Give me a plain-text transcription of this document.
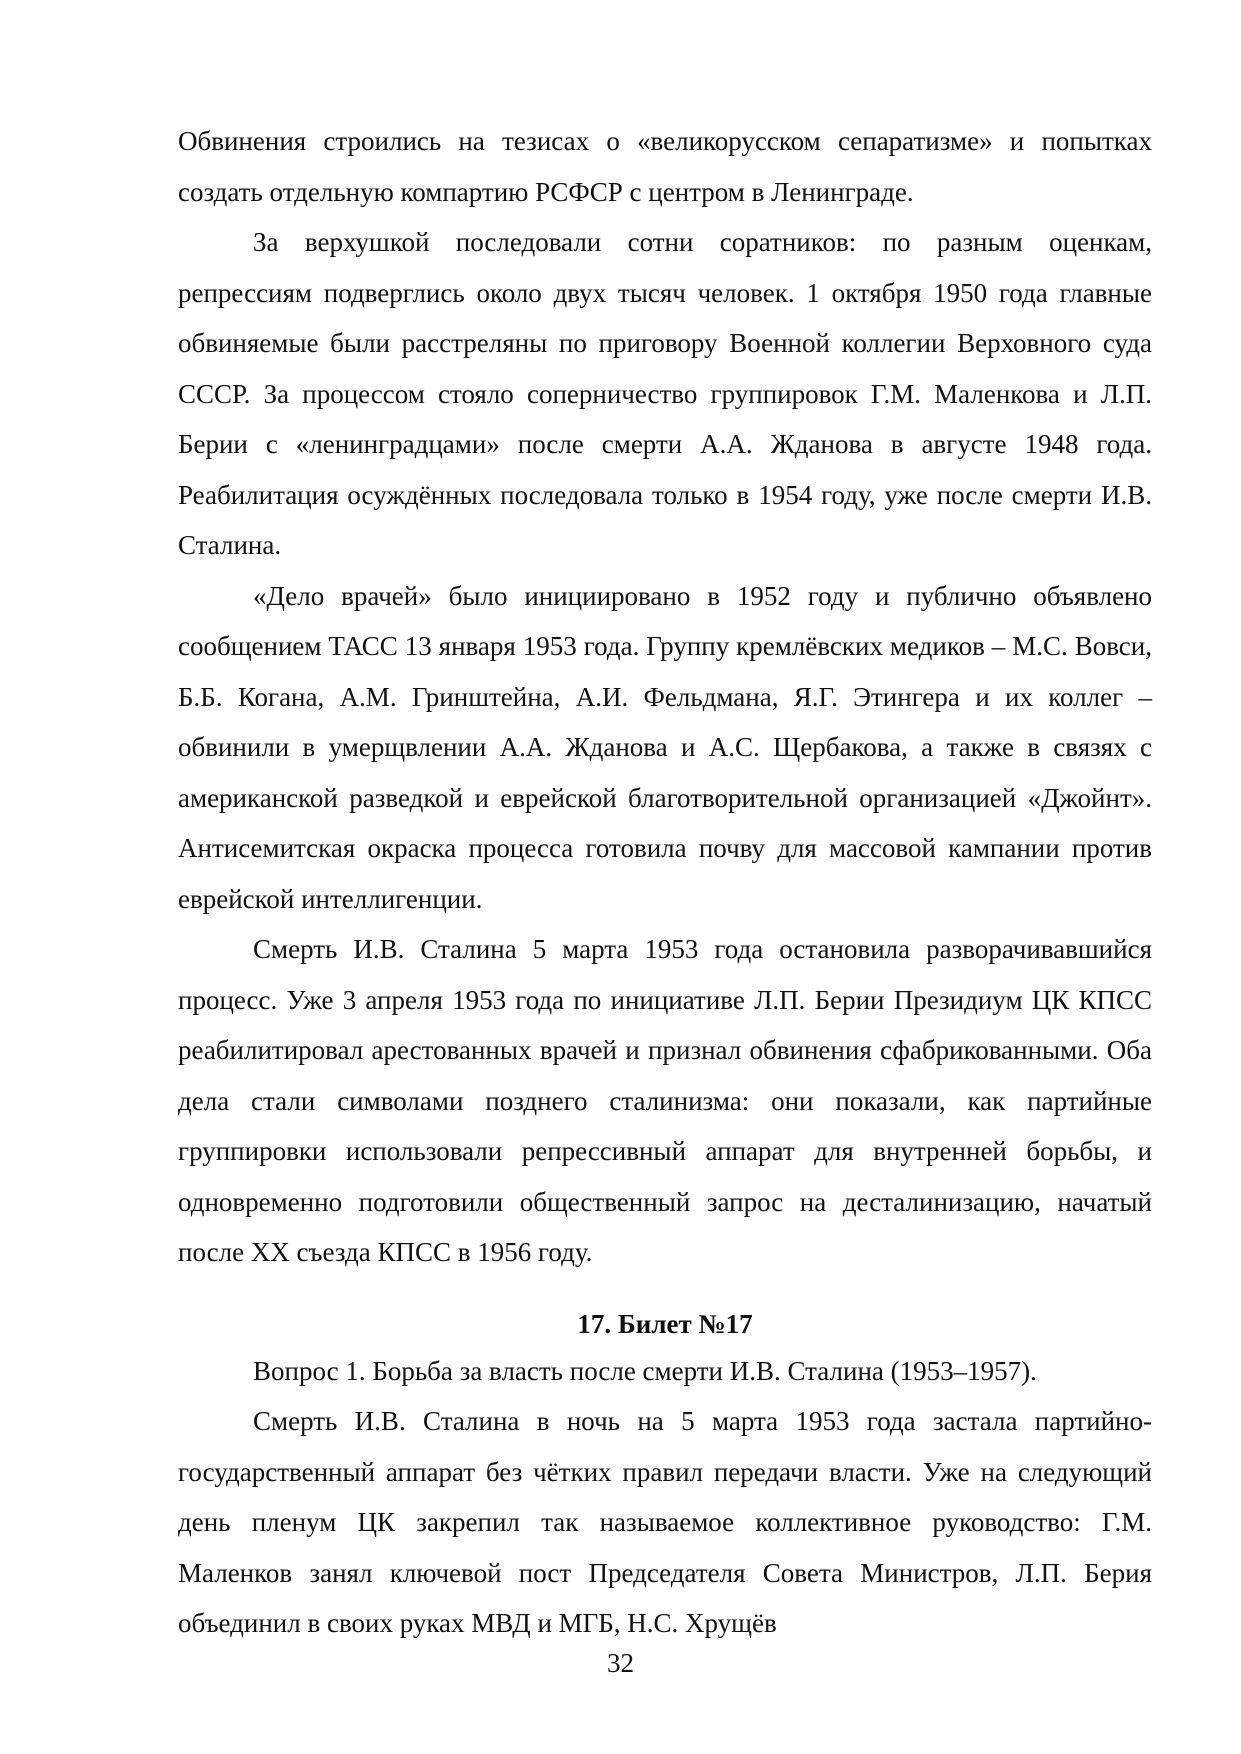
Обвинения строились на тезисах о «великорусском сепаратизме» и попытках создать отдельную компартию РСФСР с центром в Ленинграде.

За верхушкой последовали сотни соратников: по разным оценкам, репрессиям подверглись около двух тысяч человек. 1 октября 1950 года главные обвиняемые были расстреляны по приговору Военной коллегии Верховного суда СССР. За процессом стояло соперничество группировок Г.М. Маленкова и Л.П. Берии с «ленинградцами» после смерти А.А. Жданова в августе 1948 года. Реабилитация осуждённых последовала только в 1954 году, уже после смерти И.В. Сталина.

«Дело врачей» было инициировано в 1952 году и публично объявлено сообщением ТАСС 13 января 1953 года. Группу кремлёвских медиков – М.С. Вовси, Б.Б. Когана, А.М. Гринштейна, А.И. Фельдмана, Я.Г. Этингера и их коллег – обвинили в умерщвлении А.А. Жданова и А.С. Щербакова, а также в связях с американской разведкой и еврейской благотворительной организацией «Джойнт». Антисемитская окраска процесса готовила почву для массовой кампании против еврейской интеллигенции.

Смерть И.В. Сталина 5 марта 1953 года остановила разворачивавшийся процесс. Уже 3 апреля 1953 года по инициативе Л.П. Берии Президиум ЦК КПСС реабилитировал арестованных врачей и признал обвинения сфабрикованными. Оба дела стали символами позднего сталинизма: они показали, как партийные группировки использовали репрессивный аппарат для внутренней борьбы, и одновременно подготовили общественный запрос на десталинизацию, начатый после XX съезда КПСС в 1956 году.

17. Билет №17

Вопрос 1. Борьба за власть после смерти И.В. Сталина (1953–1957).

Смерть И.В. Сталина в ночь на 5 марта 1953 года застала партийно-государственный аппарат без чётких правил передачи власти. Уже на следующий день пленум ЦК закрепил так называемое коллективное руководство: Г.М. Маленков занял ключевой пост Председателя Совета Министров, Л.П. Берия объединил в своих руках МВД и МГБ, Н.С. Хрущёв

32
